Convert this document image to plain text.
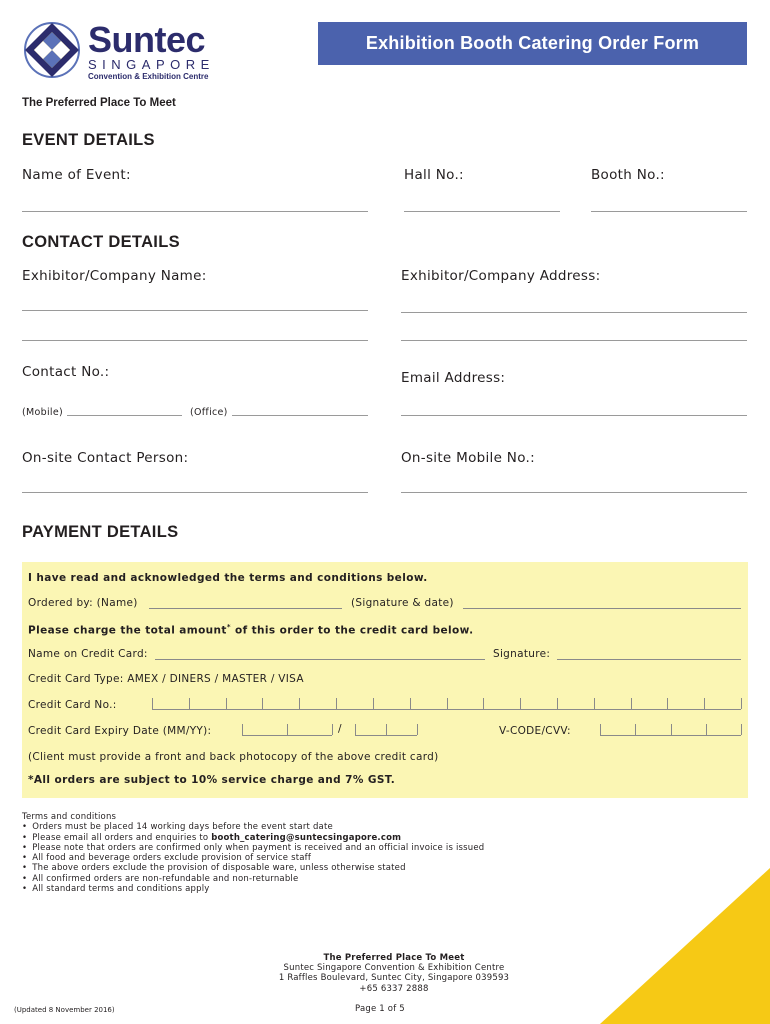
Suntec
SINGAPORE
Convention & Exhibition Centre
The Preferred Place To Meet
Exhibition Booth Catering Order Form
EVENT DETAILS
Name of Event:	Hall No.:	Booth No.:
CONTACT DETAILS
Exhibitor/Company Name:	Exhibitor/Company Address:
Contact No.:	Email Address:
(Mobile)	(Office)
On-site Contact Person:	On-site Mobile No.:
PAYMENT DETAILS
I have read and acknowledged the terms and conditions below.
Ordered by: (Name)	(Signature & date)
Please charge the total amount* of this order to the credit card below.
Name on Credit Card:	Signature:
Credit Card Type: AMEX / DINERS / MASTER / VISA
Credit Card No.:
Credit Card Expiry Date (MM/YY):	/	V-CODE/CVV:
(Client must provide a front and back photocopy of the above credit card)
*All orders are subject to 10% service charge and 7% GST.
Terms and conditions
• Orders must be placed 14 working days before the event start date
• Please email all orders and enquiries to booth_catering@suntecsingapore.com
• Please note that orders are confirmed only when payment is received and an official invoice is issued
• All food and beverage orders exclude provision of service staff
• The above orders exclude the provision of disposable ware, unless otherwise stated
• All confirmed orders are non-refundable and non-returnable
• All standard terms and conditions apply
The Preferred Place To Meet
Suntec Singapore Convention & Exhibition Centre
1 Raffles Boulevard, Suntec City, Singapore 039593
+65 6337 2888
(Updated 8 November 2016)	Page 1 of 5
